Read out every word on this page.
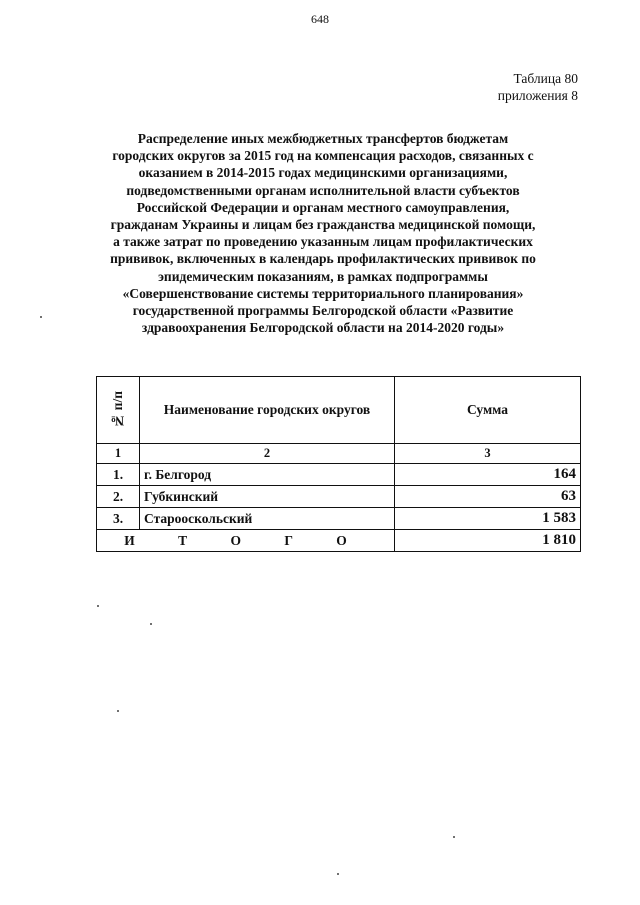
648
Таблица 80
приложения 8
Распределение иных межбюджетных трансфертов бюджетам
городских округов за 2015 год на компенсация расходов, связанных с
оказанием в 2014-2015 годах медицинскими организациями,
подведомственными органам исполнительной власти субъектов
Российской Федерации и органам местного самоуправления,
гражданам Украины и лицам без гражданства медицинской помощи,
а также затрат по проведению указанным лицам профилактических
прививок, включенных в календарь профилактических прививок по
эпидемическим показаниям, в рамках подпрограммы
«Совершенствование системы территориального планирования»
государственной программы Белгородской области «Развитие
здравоохранения Белгородской области на 2014-2020 годы»
№ п/п	Наименование городских округов	Сумма
1	2	3
1.	г. Белгород	164
2.	Губкинский	63
3.	Старооскольский	1 583
И Т О Г О		1 810
